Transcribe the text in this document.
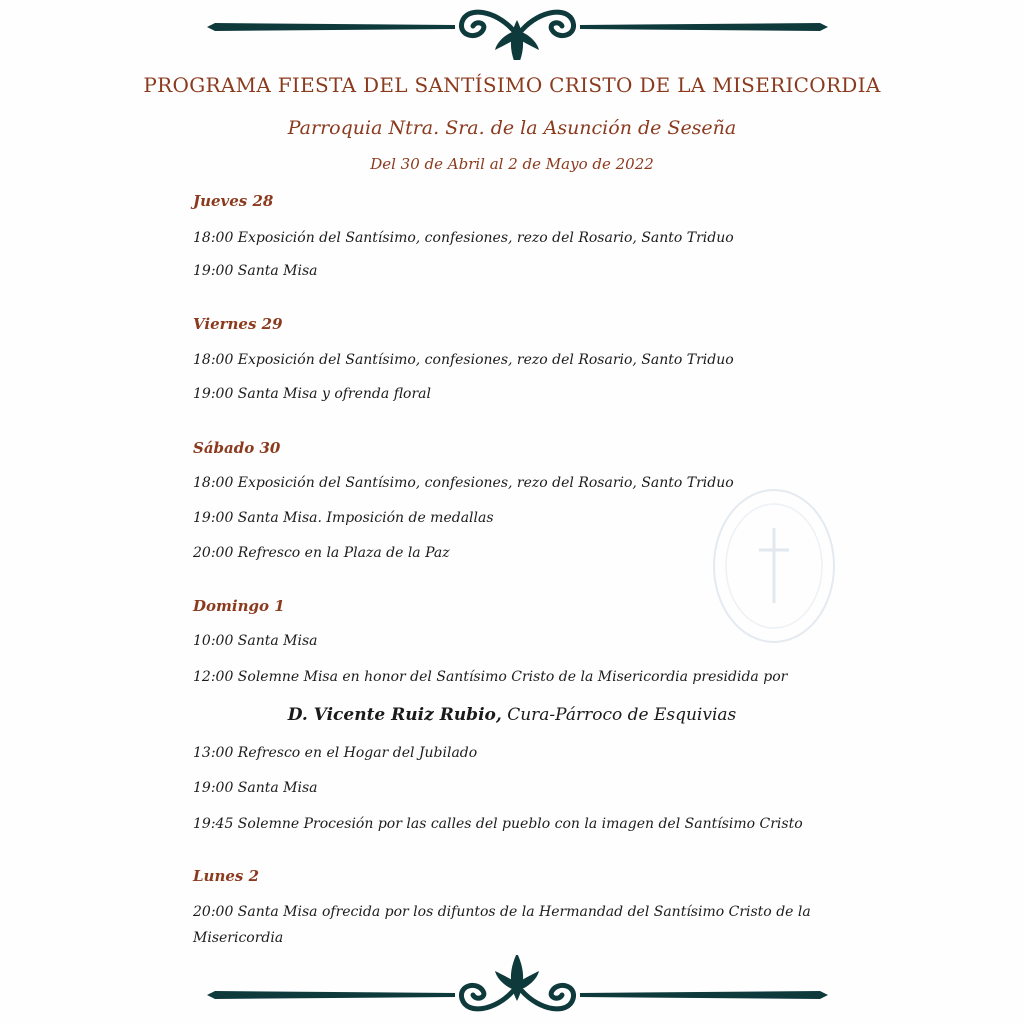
PROGRAMA FIESTA DEL SANTÍSIMO CRISTO DE LA MISERICORDIA
Parroquia Ntra. Sra. de la Asunción de Seseña
Del 30 de Abril al 2 de Mayo de 2022
Jueves 28
18:00 Exposición del Santísimo, confesiones, rezo del Rosario, Santo Triduo
19:00 Santa Misa
Viernes 29
18:00 Exposición del Santísimo, confesiones, rezo del Rosario, Santo Triduo
19:00 Santa Misa y ofrenda floral
Sábado 30
18:00 Exposición del Santísimo, confesiones, rezo del Rosario, Santo Triduo
19:00 Santa Misa. Imposición de medallas
20:00 Refresco en la Plaza de la Paz
Domingo 1
10:00 Santa Misa
12:00 Solemne Misa en honor del Santísimo Cristo de la Misericordia presidida por
D. Vicente Ruiz Rubio, Cura-Párroco de Esquivias
13:00 Refresco en el Hogar del Jubilado
19:00 Santa Misa
19:45 Solemne Procesión por las calles del pueblo con la imagen del Santísimo Cristo
Lunes 2
20:00 Santa Misa ofrecida por los difuntos de la Hermandad del Santísimo Cristo de la Misericordia
